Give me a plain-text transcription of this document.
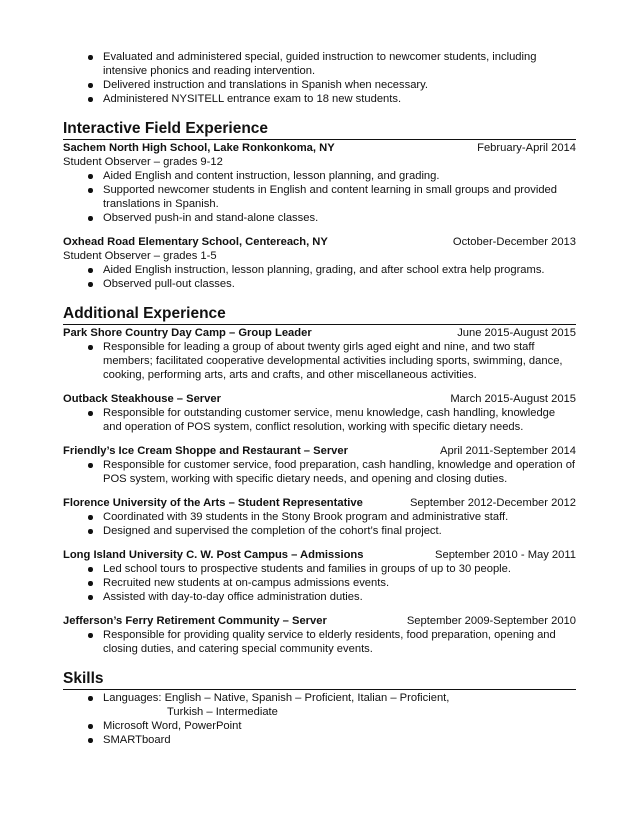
Evaluated and administered special, guided instruction to newcomer students, including intensive phonics and reading intervention.
Delivered instruction and translations in Spanish when necessary.
Administered NYSITELL entrance exam to 18 new students.
Interactive Field Experience
Sachem North High School, Lake Ronkonkoma, NY	February-April 2014
Student Observer – grades 9-12
Aided English and content instruction, lesson planning, and grading.
Supported newcomer students in English and content learning in small groups and provided translations in Spanish.
Observed push-in and stand-alone classes.
Oxhead Road Elementary School, Centereach, NY	October-December 2013
Student Observer – grades 1-5
Aided English instruction, lesson planning, grading, and after school extra help programs.
Observed pull-out classes.
Additional Experience
Park Shore Country Day Camp – Group Leader	June 2015-August 2015
Responsible for leading a group of about twenty girls aged eight and nine, and two staff members; facilitated cooperative developmental activities including sports, swimming, dance, cooking, performing arts, arts and crafts, and other miscellaneous activities.
Outback Steakhouse – Server	March 2015-August 2015
Responsible for outstanding customer service, menu knowledge, cash handling, knowledge and operation of POS system, conflict resolution, working with specific dietary needs.
Friendly’s Ice Cream Shoppe and Restaurant – Server	April 2011-September 2014
Responsible for customer service, food preparation, cash handling, knowledge and operation of POS system, working with specific dietary needs, and opening and closing duties.
Florence University of the Arts – Student Representative	September 2012-December 2012
Coordinated with 39 students in the Stony Brook program and administrative staff.
Designed and supervised the completion of the cohort’s final project.
Long Island University C. W. Post Campus – Admissions	September 2010 - May 2011
Led school tours to prospective students and families in groups of up to 30 people.
Recruited new students at on-campus admissions events.
Assisted with day-to-day office administration duties.
Jefferson’s Ferry Retirement Community – Server	September 2009-September 2010
Responsible for providing quality service to elderly residents, food preparation, opening and closing duties, and catering special community events.
Skills
Languages: English – Native, Spanish – Proficient, Italian – Proficient,
Turkish – Intermediate
Microsoft Word, PowerPoint
SMARTboard
